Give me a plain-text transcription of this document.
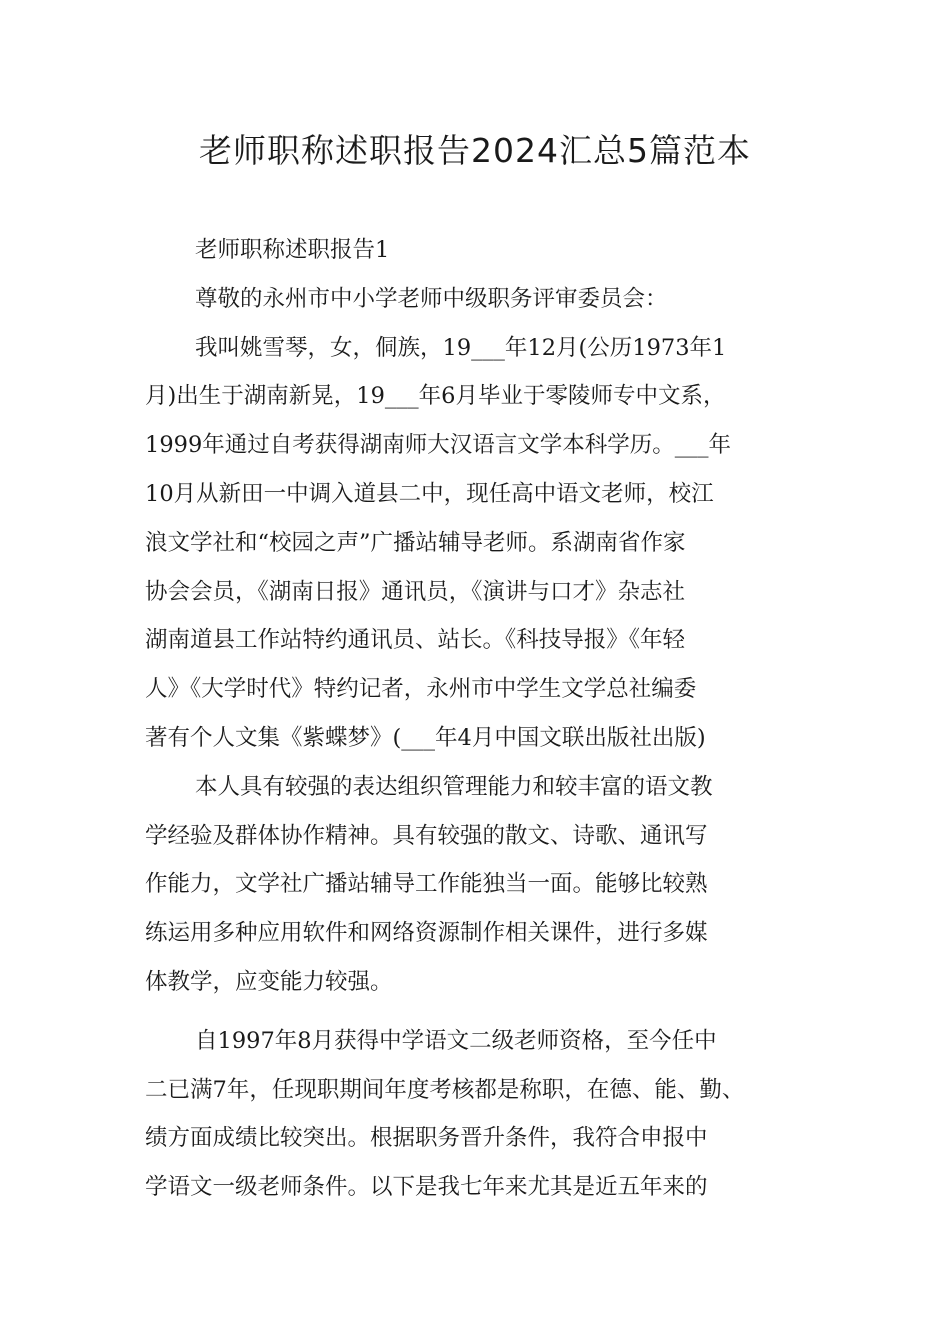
老师职称述职报告2024汇总5篇范本
老师职称述职报告1
尊敬的永州市中小学老师中级职务评审委员会：
我叫姚雪琴，女，侗族，19___年12月(公历1973年1
月)出生于湖南新晃，19___年6月毕业于零陵师专中文系，
1999年通过自考获得湖南师大汉语言文学本科学历。___年
10月从新田一中调入道县二中，现任高中语文老师，校江
浪文学社和“校园之声”广播站辅导老师。系湖南省作家
协会会员，《湖南日报》通讯员，《演讲与口才》杂志社
湖南道县工作站特约通讯员、站长。《科技导报》《年轻
人》《大学时代》特约记者，永州市中学生文学总社编委
著有个人文集《紫蝶梦》(___年4月中国文联出版社出版)
本人具有较强的表达组织管理能力和较丰富的语文教
学经验及群体协作精神。具有较强的散文、诗歌、通讯写
作能力，文学社广播站辅导工作能独当一面。能够比较熟
练运用多种应用软件和网络资源制作相关课件，进行多媒
体教学，应变能力较强。
自1997年8月获得中学语文二级老师资格，至今任中
二已满7年，任现职期间年度考核都是称职，在德、能、勤、
绩方面成绩比较突出。根据职务晋升条件，我符合申报中
学语文一级老师条件。以下是我七年来尤其是近五年来的
